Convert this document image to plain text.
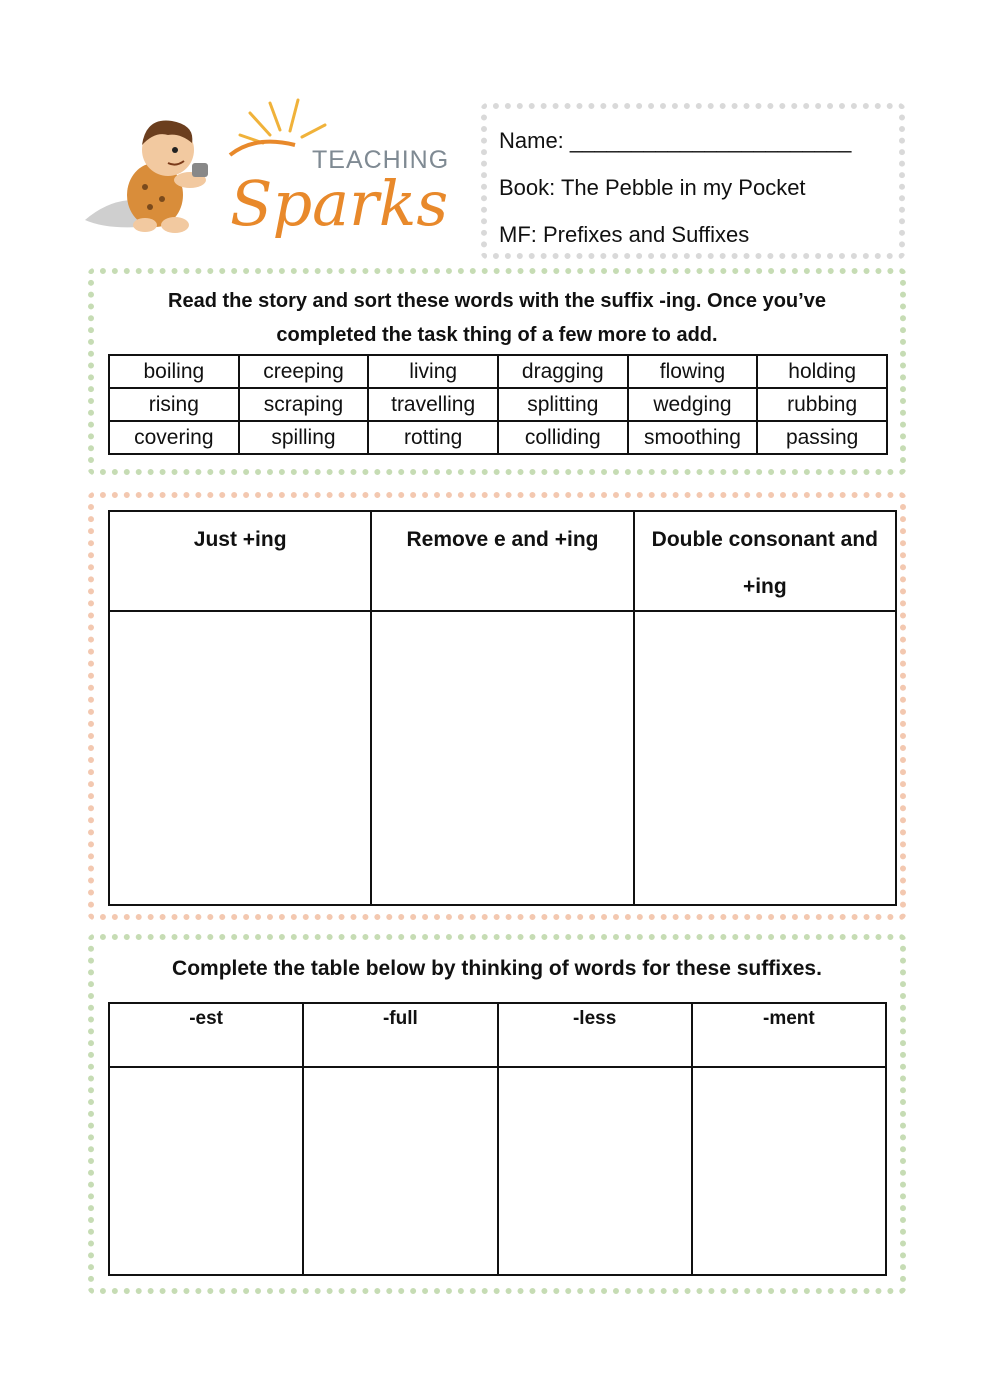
TEACHING
Sparks
Name: _______________________
Book: The Pebble in my Pocket
MF: Prefixes and Suffixes
Read the story and sort these words with the suffix -ing. Once you’ve
completed the task thing of a few more to add.
boiling	creeping	living	dragging	flowing	holding
rising	scraping	travelling	splitting	wedging	rubbing
covering	spilling	rotting	colliding	smoothing	passing
Just +ing	Remove e and +ing	Double consonant and
+ing

Complete the table below by thinking of words for these suffixes.
-est	-full	-less	-ment
